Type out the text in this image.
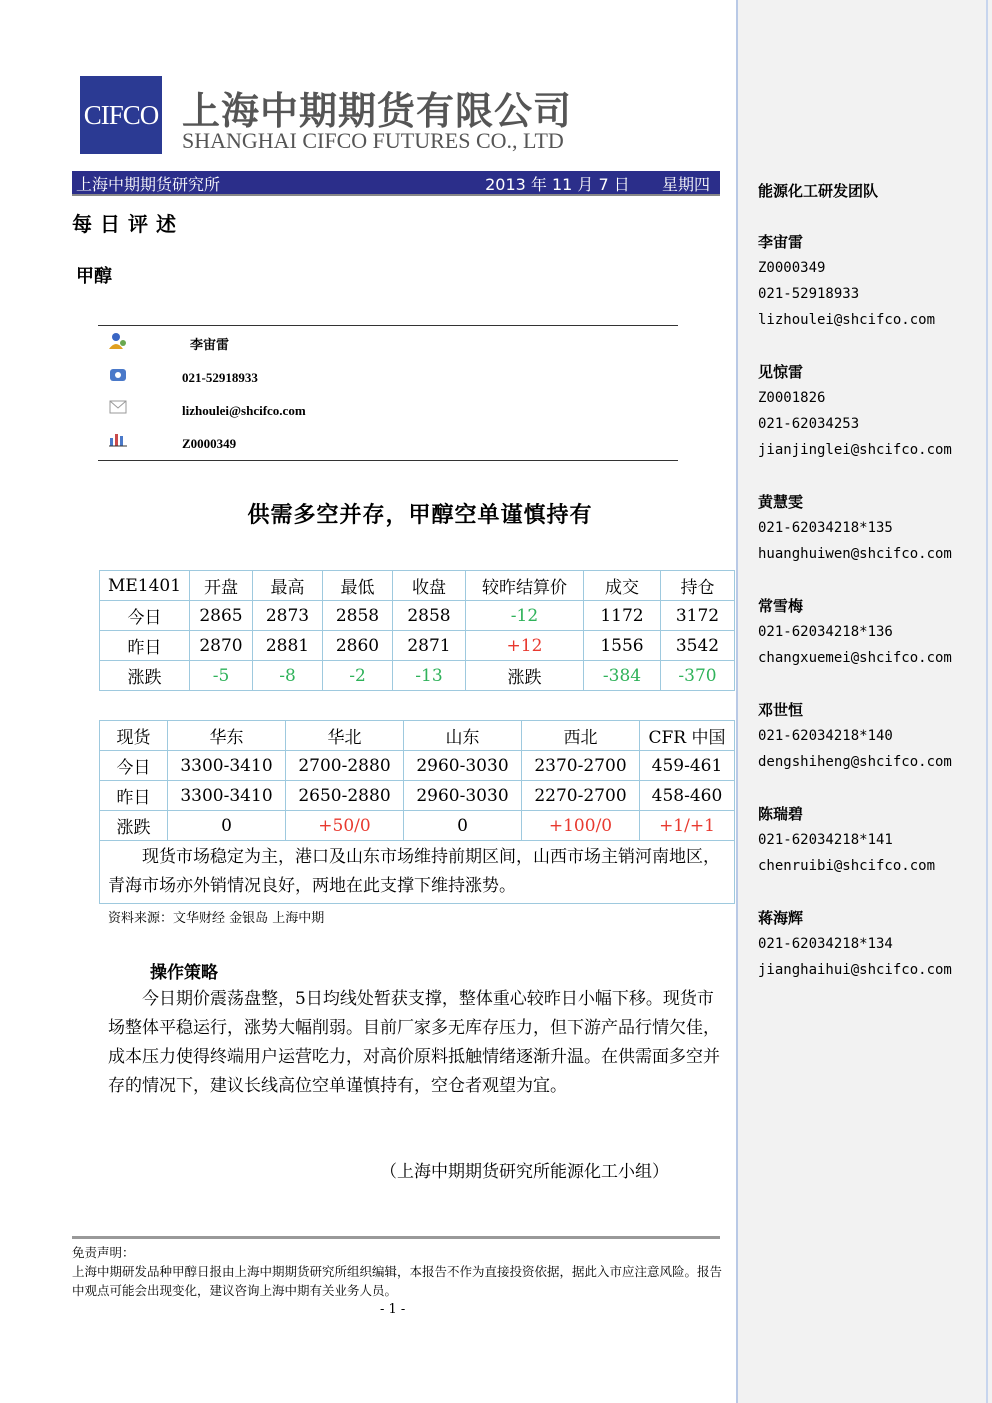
CIFCO 上海中期期货有限公司
SHANGHAI CIFCO FUTURES CO., LTD
上海中期期货研究所	2013 年 11 月 7 日 星期四
每日评述
甲醇
李宙雷
021-52918933
lizhoulei@shcifco.com
Z0000349
供需多空并存，甲醇空单谨慎持有
ME1401	开盘	最高	最低	收盘	较昨结算价	成交	持仓
今日	2865	2873	2858	2858	-12	1172	3172
昨日	2870	2881	2860	2871	+12	1556	3542
涨跌	-5	-8	-2	-13	涨跌	-384	-370
现货	华东	华北	山东	西北	CFR 中国
今日	3300-3410	2700-2880	2960-3030	2370-2700	459-461
昨日	3300-3410	2650-2880	2960-3030	2270-2700	458-460
涨跌	0	+50/0	0	+100/0	+1/+1
现货市场稳定为主，港口及山东市场维持前期区间，山西市场主销河南地区，青海市场亦外销情况良好，两地在此支撑下维持涨势。					
资料来源：文华财经 金银岛 上海中期
操作策略
今日期价震荡盘整，5日均线处暂获支撑，整体重心较昨日小幅下移。现货市场整体平稳运行，涨势大幅削弱。目前厂家多无库存压力，但下游产品行情欠佳，成本压力使得终端用户运营吃力，对高价原料抵触情绪逐渐升温。在供需面多空并存的情况下，建议长线高位空单谨慎持有，空仓者观望为宜。
（上海中期期货研究所能源化工小组）
免责声明：
上海中期研发品种甲醇日报由上海中期期货研究所组织编辑，本报告不作为直接投资依据，据此入市应注意风险。报告中观点可能会出现变化，建议咨询上海中期有关业务人员。
- 1 -
能源化工研发团队
李宙雷
Z0000349
021-52918933
lizhoulei@shcifco.com
见惊雷
Z0001826
021-62034253
jianjinglei@shcifco.com
黄慧雯
021-62034218*135
huanghuiwen@shcifco.com
常雪梅
021-62034218*136
changxuemei@shcifco.com
邓世恒
021-62034218*140
dengshiheng@shcifco.com
陈瑞碧
021-62034218*141
chenruibi@shcifco.com
蒋海辉
021-62034218*134
jianghaihui@shcifco.com
